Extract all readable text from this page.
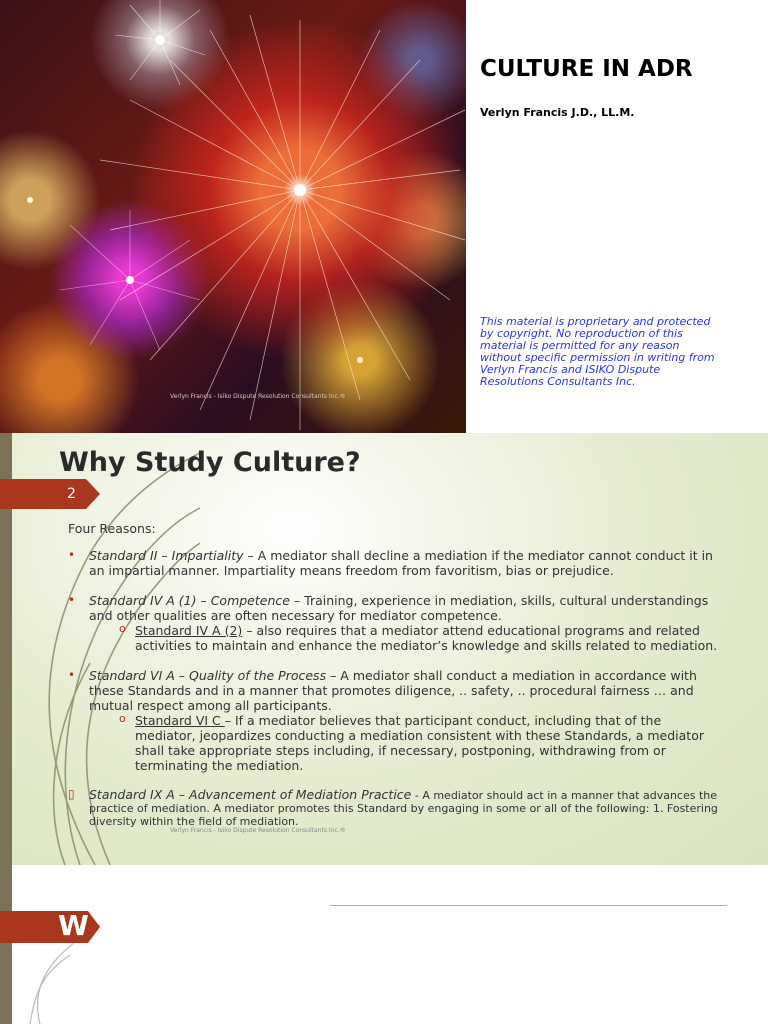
Verlyn Francis - Isiko Dispute Resolution Consultants Inc.®
CULTURE IN ADR
Verlyn Francis J.D., LL.M.
This material is proprietary and protected by copyright. No reproduction of this material is permitted for any reason without specific permission in writing from Verlyn Francis and ISIKO Dispute Resolutions Consultants Inc.
Why Study Culture?
2

Four Reasons:

• Standard II – Impartiality – A mediator shall decline a mediation if the mediator cannot conduct it in an impartial manner. Impartiality means freedom from favoritism, bias or prejudice.
• Standard IV A (1) – Competence – Training, experience in mediation, skills, cultural understandings and other qualities are often necessary for mediator competence.
o Standard IV A (2) – also requires that a mediator attend educational programs and related activities to maintain and enhance the mediator’s knowledge and skills related to mediation.
• Standard VI A – Quality of the Process – A mediator shall conduct a mediation in accordance with these Standards and in a manner that promotes diligence, .. safety, .. procedural fairness … and mutual respect among all participants.
o Standard VI C – If a mediator believes that participant conduct, including that of the mediator, jeopardizes conducting a mediation consistent with these Standards, a mediator shall take appropriate steps including, if necessary, postponing, withdrawing from or terminating the mediation.
▯ Standard IX A – Advancement of Mediation Practice - A mediator should act in a manner that advances the practice of mediation. A mediator promotes this Standard by engaging in some or all of the following: 1. Fostering diversity within the field of mediation.
Verlyn Francis - Isiko Dispute Resolution Consultants Inc.®
W
